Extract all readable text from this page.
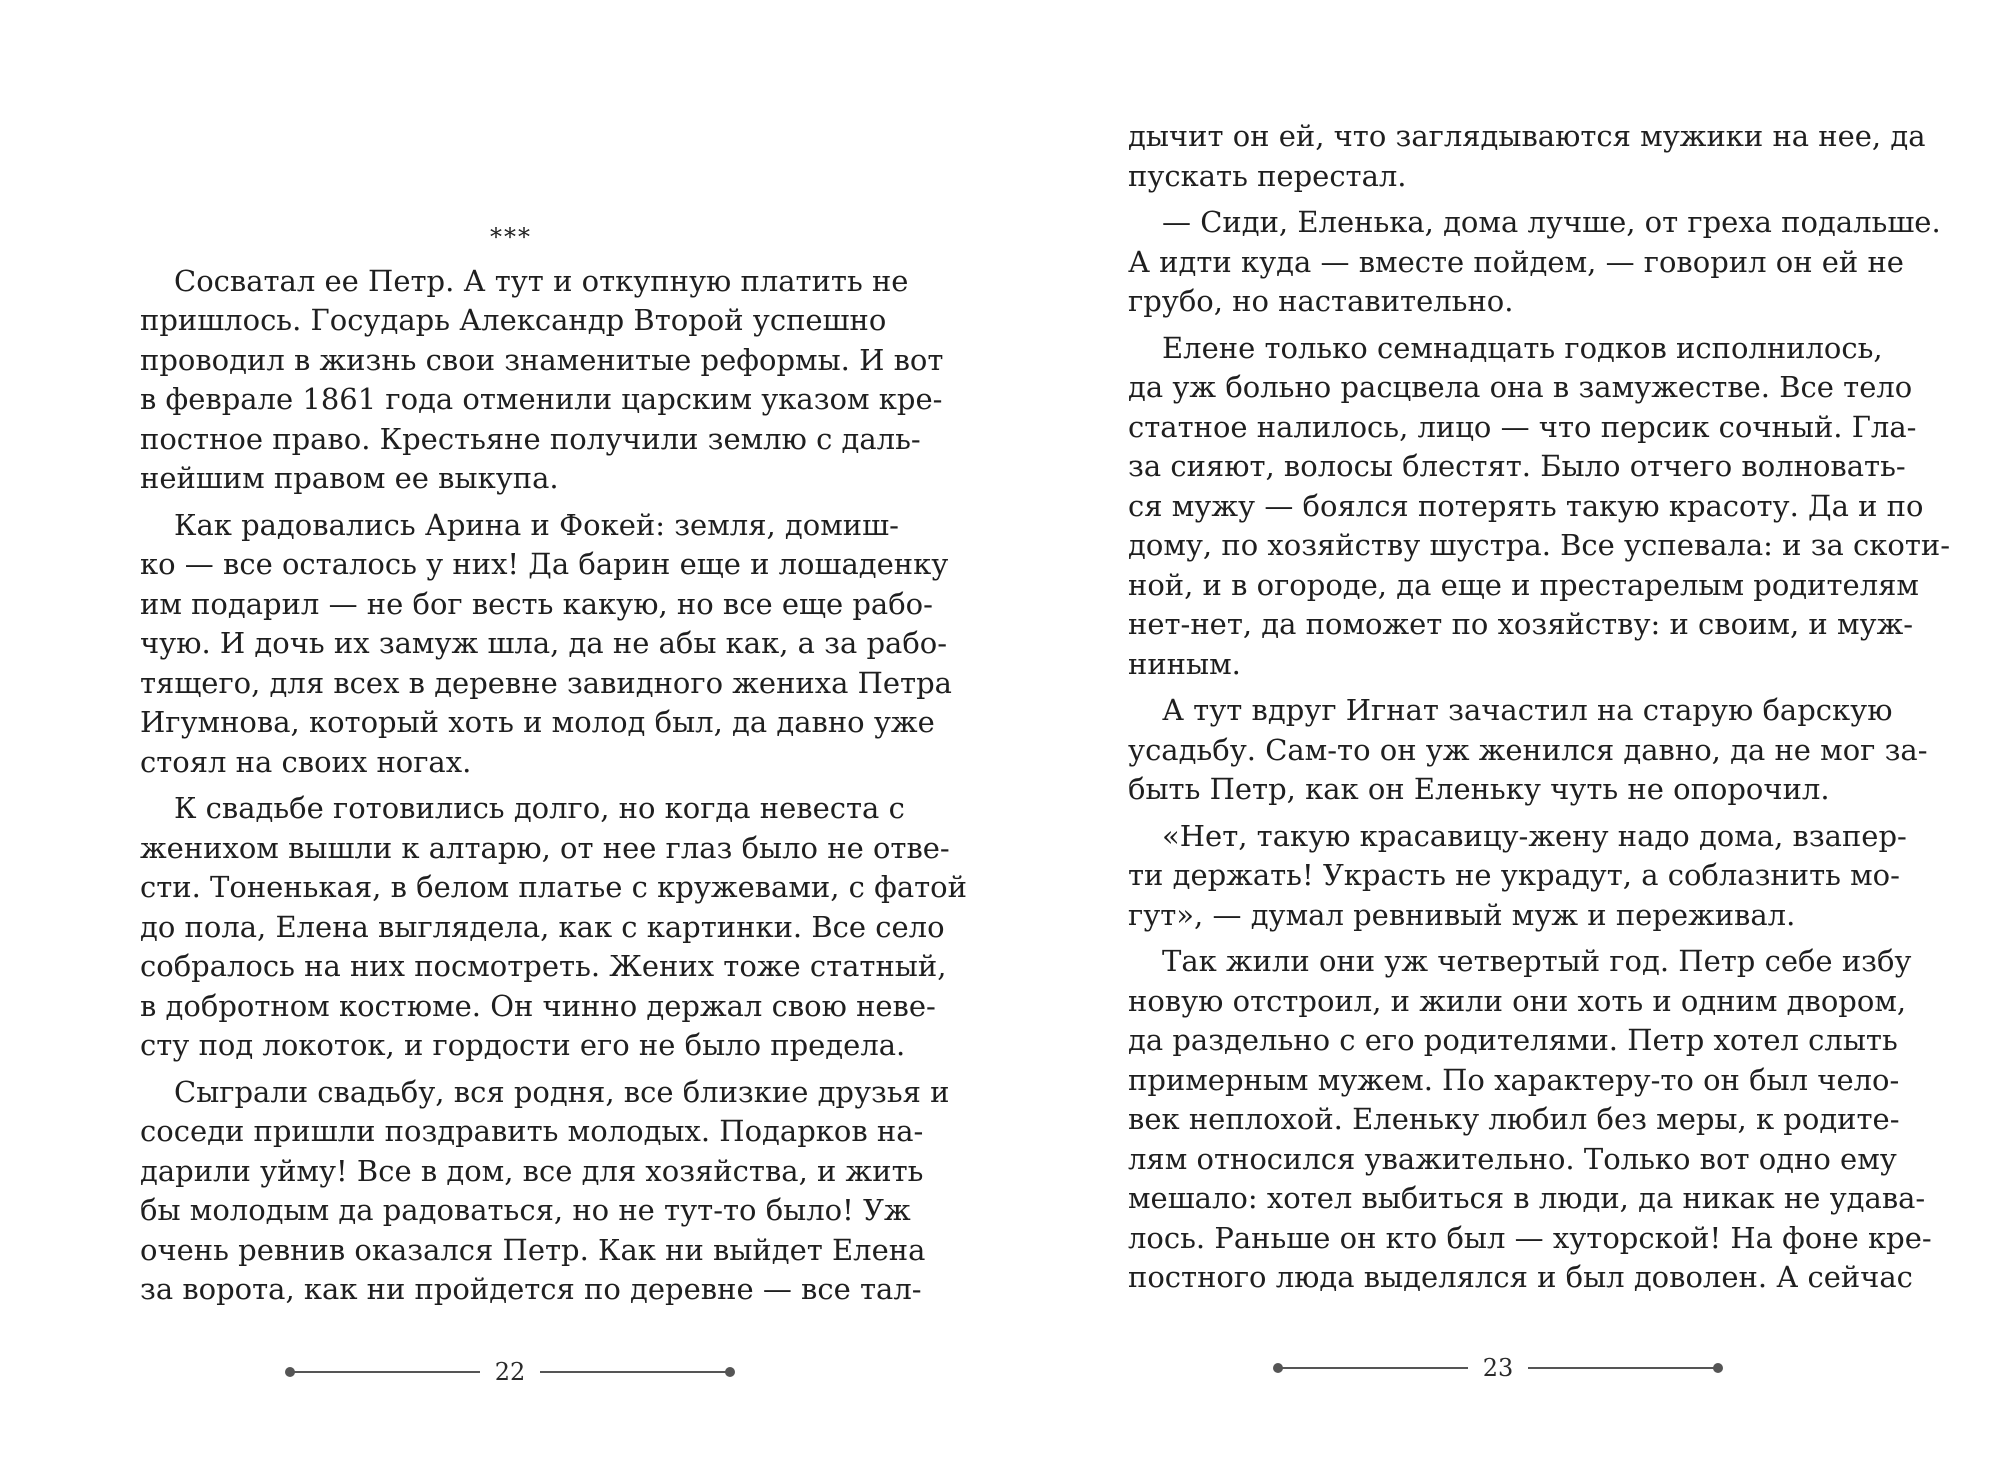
***
Сосватал ее Петр. А тут и откупную платить не
пришлось. Государь Александр Второй успешно
проводил в жизнь свои знаменитые реформы. И вот
в феврале 1861 года отменили царским указом кре-
постное право. Крестьяне получили землю с даль-
нейшим правом ее выкупа.
Как радовались Арина и Фокей: земля, домиш-
ко — все осталось у них! Да барин еще и лошаденку
им подарил — не бог весть какую, но все еще рабо-
чую. И дочь их замуж шла, да не абы как, а за рабо-
тящего, для всех в деревне завидного жениха Петра
Игумнова, который хоть и молод был, да давно уже
стоял на своих ногах.
К свадьбе готовились долго, но когда невеста с
женихом вышли к алтарю, от нее глаз было не отве-
сти. Тоненькая, в белом платье с кружевами, с фатой
до пола, Елена выглядела, как с картинки. Все село
собралось на них посмотреть. Жених тоже статный,
в добротном костюме. Он чинно держал свою неве-
сту под локоток, и гордости его не было предела.
Сыграли свадьбу, вся родня, все близкие друзья и
соседи пришли поздравить молодых. Подарков на-
дарили уйму! Все в дом, все для хозяйства, и жить
бы молодым да радоваться, но не тут-то было! Уж
очень ревнив оказался Петр. Как ни выйдет Елена
за ворота, как ни пройдется по деревне — все тал-
22
дычит он ей, что заглядываются мужики на нее, да
пускать перестал.
— Сиди, Еленька, дома лучше, от греха подальше.
А идти куда — вместе пойдем, — говорил он ей не
грубо, но наставительно.
Елене только семнадцать годков исполнилось,
да уж больно расцвела она в замужестве. Все тело
статное налилось, лицо — что персик сочный. Гла-
за сияют, волосы блестят. Было отчего волновать-
ся мужу — боялся потерять такую красоту. Да и по
дому, по хозяйству шустра. Все успевала: и за скоти-
ной, и в огороде, да еще и престарелым родителям
нет-нет, да поможет по хозяйству: и своим, и муж-
ниным.
А тут вдруг Игнат зачастил на старую барскую
усадьбу. Сам-то он уж женился давно, да не мог за-
быть Петр, как он Еленьку чуть не опорочил.
«Нет, такую красавицу-жену надо дома, взапер-
ти держать! Украсть не украдут, а соблазнить мо-
гут», — думал ревнивый муж и переживал.
Так жили они уж четвертый год. Петр себе избу
новую отстроил, и жили они хоть и одним двором,
да раздельно с его родителями. Петр хотел слыть
примерным мужем. По характеру-то он был чело-
век неплохой. Еленьку любил без меры, к родите-
лям относился уважительно. Только вот одно ему
мешало: хотел выбиться в люди, да никак не удава-
лось. Раньше он кто был — хуторской! На фоне кре-
постного люда выделялся и был доволен. А сейчас
23
